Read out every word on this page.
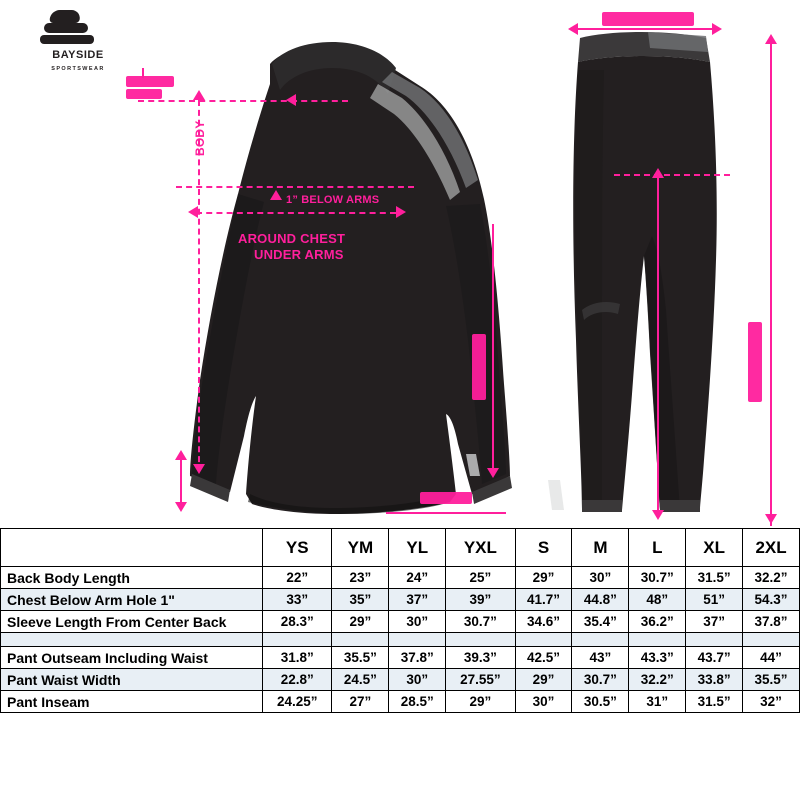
BAYSIDE
SPORTSWEAR
BODY
1” BELOW ARMS
AROUND CHEST
UNDER ARMS
	YS	YM	YL	YXL	S	M	L	XL	2XL
Back Body Length	22”	23”	24”	25”	29”	30”	30.7”	31.5”	32.2”
Chest Below Arm Hole 1"	33”	35”	37”	39”	41.7”	44.8”	48”	51”	54.3”
Sleeve Length From Center Back	28.3”	29”	30”	30.7”	34.6”	35.4”	36.2”	37”	37.8”

Pant Outseam Including Waist	31.8”	35.5”	37.8”	39.3”	42.5”	43”	43.3”	43.7”	44”
Pant Waist Width	22.8”	24.5”	30”	27.55”	29”	30.7”	32.2”	33.8”	35.5”
Pant Inseam	24.25”	27”	28.5”	29”	30”	30.5”	31”	31.5”	32”
